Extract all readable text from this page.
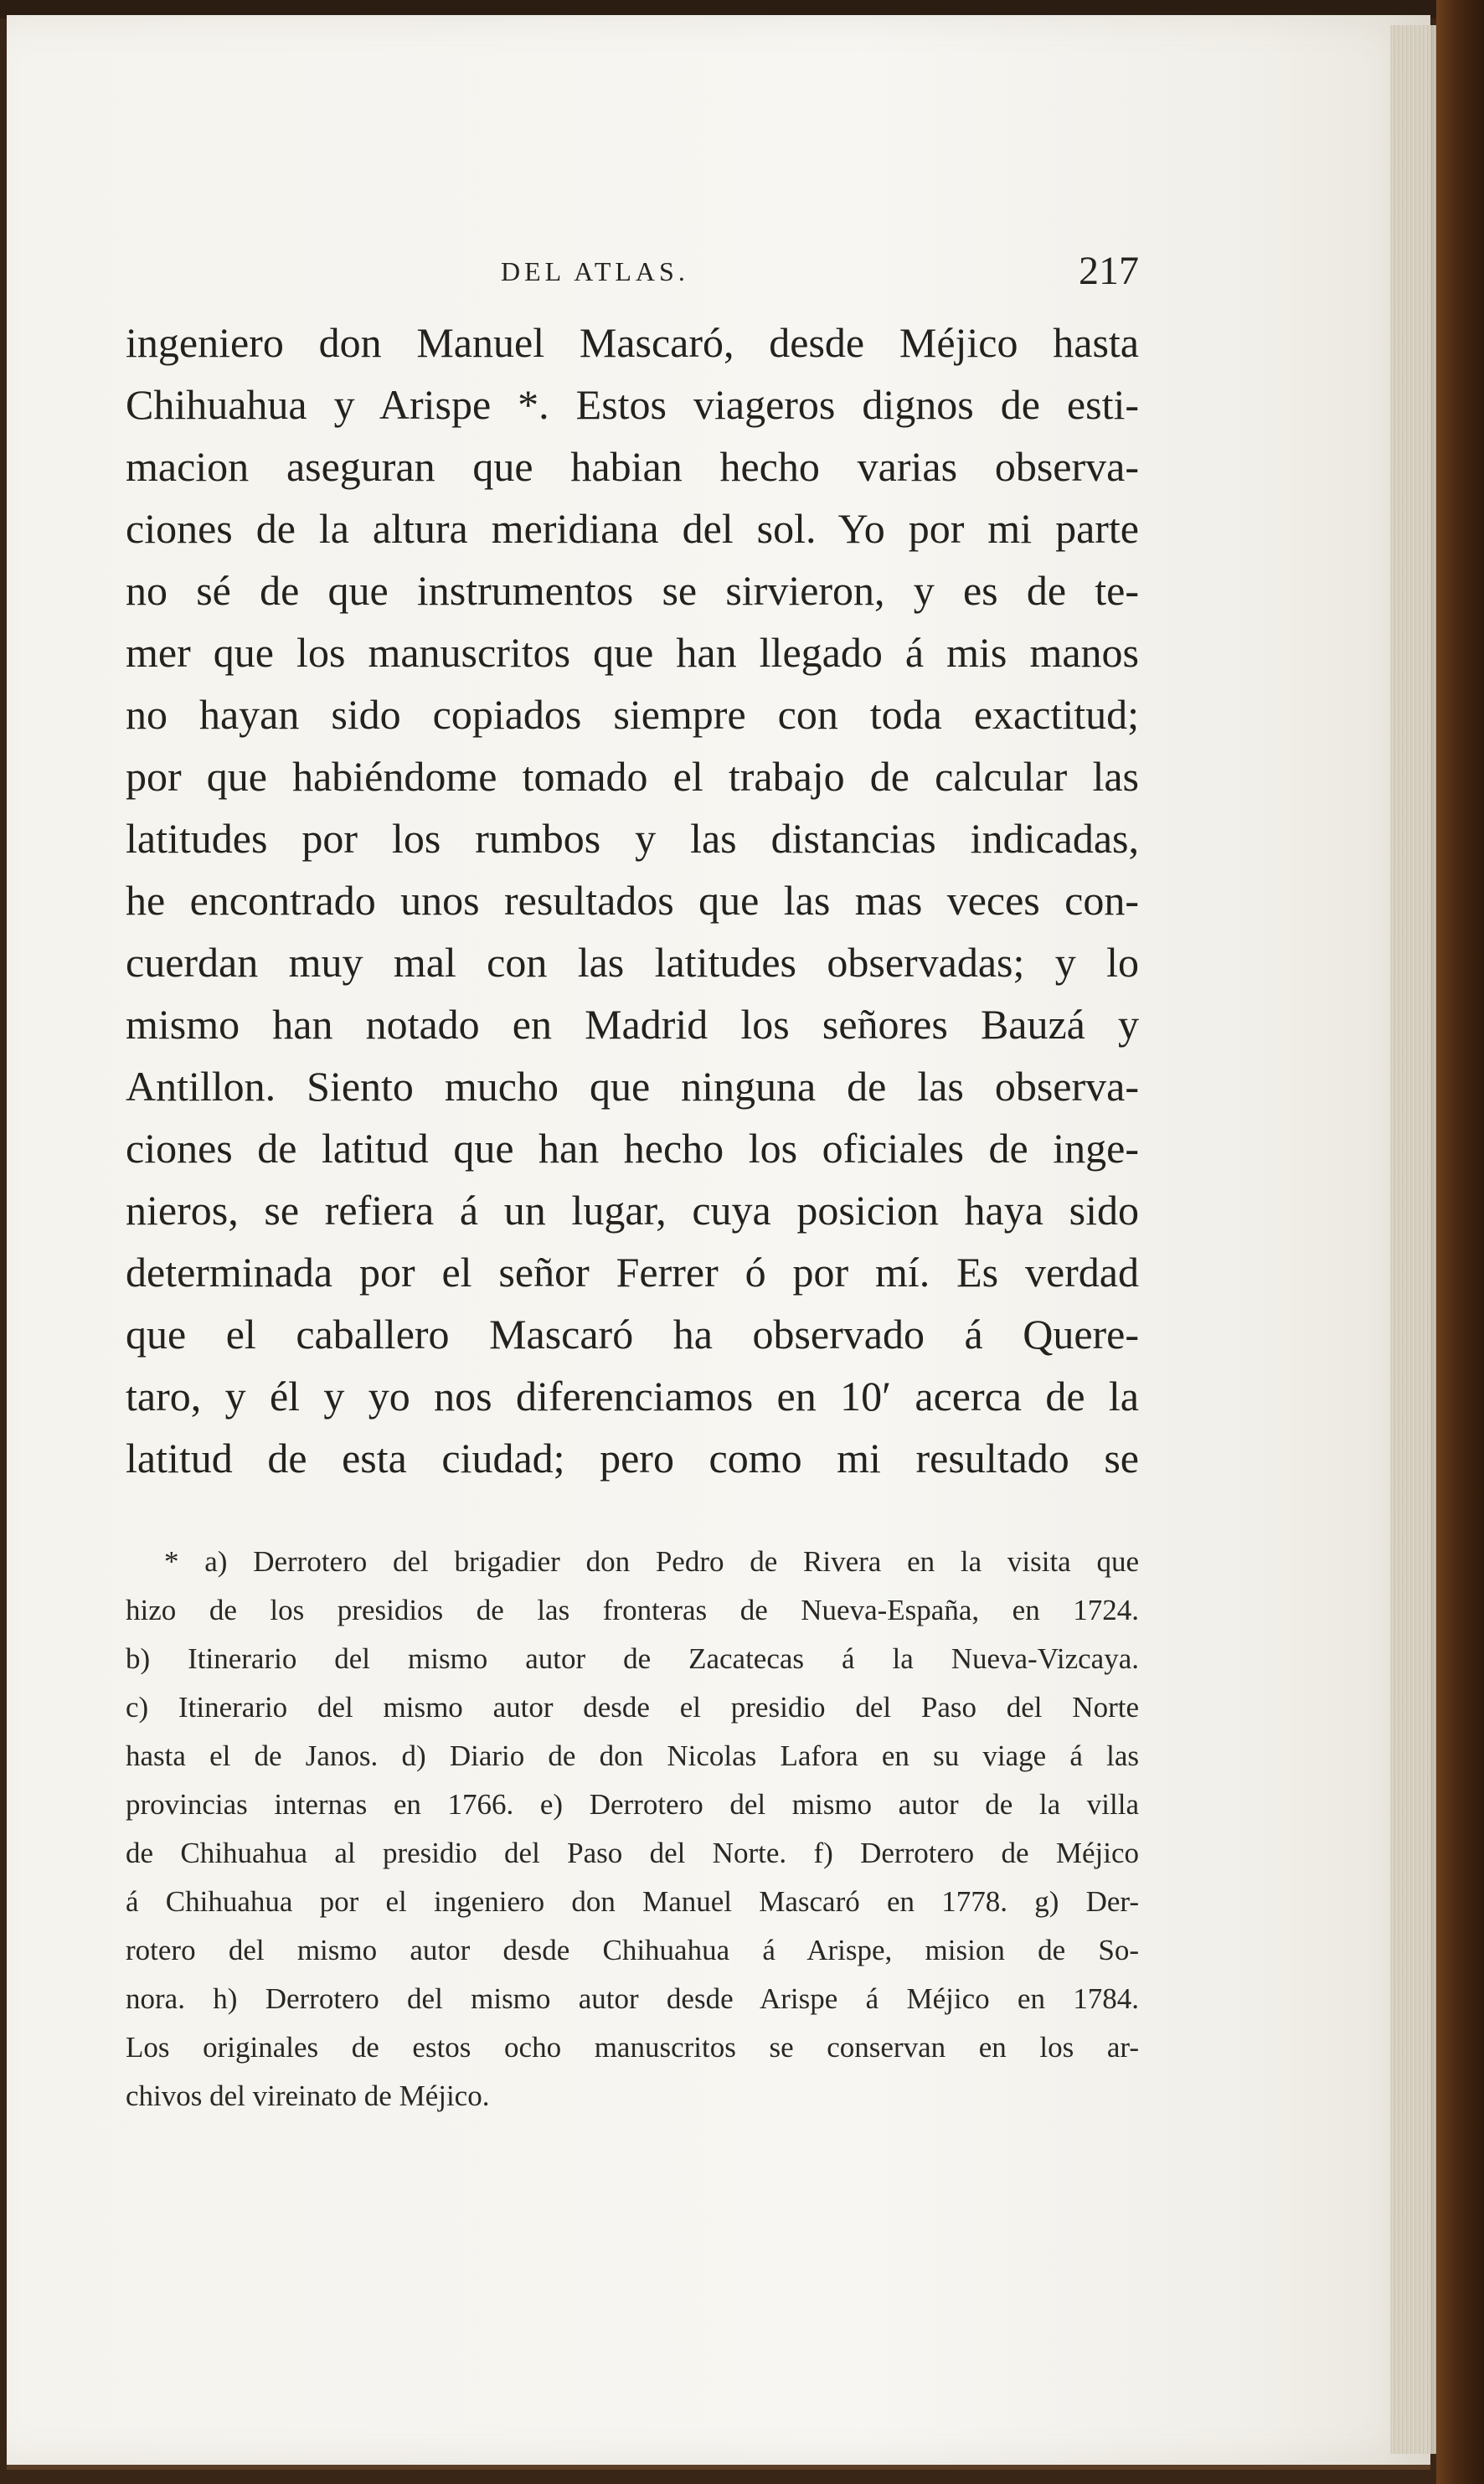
DEL ATLAS.	217
ingeniero don Manuel Mascaró, desde Méjico hasta
Chihuahua y Arispe *. Estos viageros dignos de esti-
macion aseguran que habian hecho varias observa-
ciones de la altura meridiana del sol. Yo por mi parte
no sé de que instrumentos se sirvieron, y es de te-
mer que los manuscritos que han llegado á mis manos
no hayan sido copiados siempre con toda exactitud;
por que habiéndome tomado el trabajo de calcular las
latitudes por los rumbos y las distancias indicadas,
he encontrado unos resultados que las mas veces con-
cuerdan muy mal con las latitudes observadas; y lo
mismo han notado en Madrid los señores Bauzá y
Antillon. Siento mucho que ninguna de las observa-
ciones de latitud que han hecho los oficiales de inge-
nieros, se refiera á un lugar, cuya posicion haya sido
determinada por el señor Ferrer ó por mí. Es verdad
que el caballero Mascaró ha observado á Quere-
taro, y él y yo nos diferenciamos en 10′ acerca de la
latitud de esta ciudad; pero como mi resultado se
* a) Derrotero del brigadier don Pedro de Rivera en la visita que
hizo de los presidios de las fronteras de Nueva-España, en 1724.
b) Itinerario del mismo autor de Zacatecas á la Nueva-Vizcaya.
c) Itinerario del mismo autor desde el presidio del Paso del Norte
hasta el de Janos. d) Diario de don Nicolas Lafora en su viage á las
provincias internas en 1766. e) Derrotero del mismo autor de la villa
de Chihuahua al presidio del Paso del Norte. f) Derrotero de Méjico
á Chihuahua por el ingeniero don Manuel Mascaró en 1778. g) Der-
rotero del mismo autor desde Chihuahua á Arispe, mision de So-
nora. h) Derrotero del mismo autor desde Arispe á Méjico en 1784.
Los originales de estos ocho manuscritos se conservan en los ar-
chivos del vireinato de Méjico.
